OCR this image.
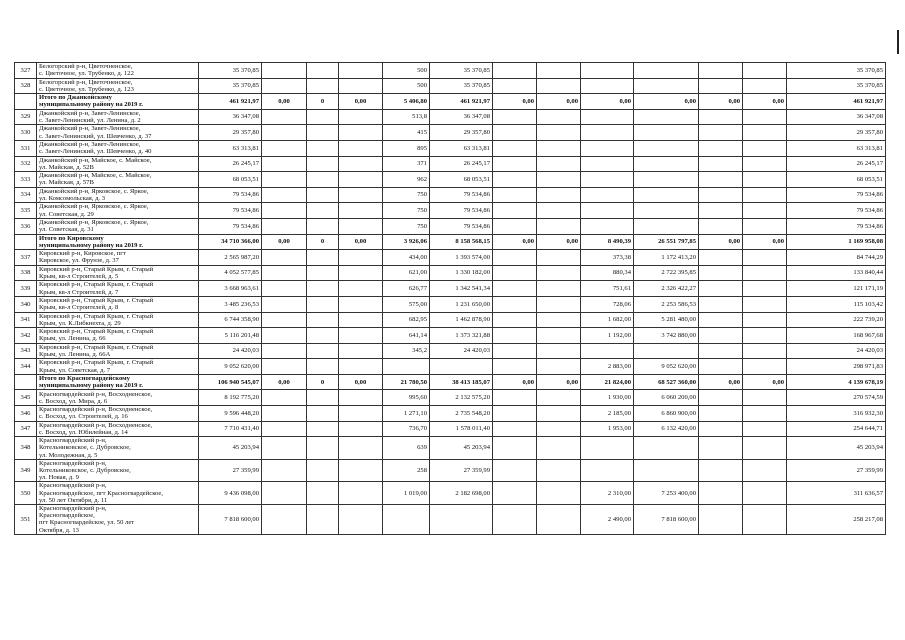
327	Белогорский р-н, Цветочненское,
с. Цветочное, ул. Трубенко, д. 122	35 370,85				500	35 370,85							35 370,85
328	Белогорский р-н, Цветочненское,
с. Цветочное, ул. Трубенко, д. 123	35 370,85				500	35 370,85							35 370,85

	Итого по Джанкойскому
муниципальному району на 2019 г.	461 921,97	0,00	0	0,00	5 406,80	461 921,97	0,00	0,00	0,00	0,00	0,00	0,00	461 921,97
329	Джанкойский р-н, Завет-Ленинское,
с. Завет-Ленинский, ул. Ленина, д. 2	36 347,08				513,8	36 347,08							36 347,08
330	Джанкойский р-н, Завет-Ленинское,
с. Завет-Ленинский, ул. Шевченко, д. 37	29 357,80				415	29 357,80							29 357,80
331	Джанкойский р-н, Завет-Ленинское,
с. Завет-Ленинский, ул. Шевченко, д. 40	63 313,81				895	63 313,81							63 313,81
332	Джанкойский р-н, Майское, с. Майское,
ул. Майская, д. 52В	26 245,17				371	26 245,17							26 245,17
333	Джанкойский р-н, Майское, с. Майское,
ул. Майская, д. 57В	68 053,51				962	68 053,51							68 053,51
334	Джанкойский р-н, Ярковское, с. Яркое,
ул. Комсомольская, д. 3	79 534,86				750	79 534,86							79 534,86
335	Джанкойский р-н, Ярковское, с. Яркое,
ул. Советская, д. 29	79 534,86				750	79 534,86							79 534,86
336	Джанкойский р-н, Ярковское, с. Яркое,
ул. Советская, д. 31	79 534,86				750	79 534,86							79 534,86

	Итого по Кировскому
муниципальному району на 2019 г.	34 710 366,00	0,00	0	0,00	3 926,06	8 158 568,15	0,00	0,00	8 490,39	26 551 797,85	0,00	0,00	1 169 958,08
337	Кировский р-н, Кировское, пгт
Кировское, ул. Фрунзе, д. 37	2 565 987,20				434,00	1 393 574,00			373,38	1 172 413,20			84 744,29
338	Кировский р-н, Старый Крым, г. Старый
Крым, кв-л Строителей, д. 5	4 052 577,85				621,00	1 330 182,00			880,34	2 722 395,85			133 840,44
339	Кировский р-н, Старый Крым, г. Старый
Крым, кв-л Строителей, д. 7	3 668 963,61				626,77	1 342 541,34			751,61	2 326 422,27			121 171,19
340	Кировский р-н, Старый Крым, г. Старый
Крым, кв-л Строителей, д. 8	3 485 236,53				575,00	1 231 650,00			728,06	2 253 586,53			115 103,42
341	Кировский р-н, Старый Крым, г. Старый
Крым, ул. К.Либкнехта, д. 29	6 744 358,90				682,95	1 462 878,90			1 682,00	5 281 480,00			222 739,20
342	Кировский р-н, Старый Крым, г. Старый
Крым, ул. Ленина, д. 66	5 116 201,48				641,14	1 373 321,88			1 192,00	3 742 880,00			168 967,68
343	Кировский р-н, Старый Крым, г. Старый
Крым, ул. Ленина, д. 66А	24 420,03				345,2	24 420,03							24 420,03
344	Кировский р-н, Старый Крым, г. Старый
Крым, ул. Советская, д. 7	9 052 620,00								2 883,00	9 052 620,00			298 971,83

	Итого по Красногвардейскому
муниципальному району на 2019 г.	106 940 545,07	0,00	0	0,00	21 780,50	38 413 185,07	0,00	0,00	21 824,00	68 527 360,00	0,00	0,00	4 139 678,19
345	Красногвардейский р-н, Восходненское,
с. Восход, ул. Мира, д. 6	8 192 775,20				995,60	2 132 575,20			1 930,00	6 060 200,00			270 574,59
346	Красногвардейский р-н, Восходненское,
с. Восход, ул. Строителей, д. 16	9 596 448,20				1 271,10	2 735 548,20			2 185,00	6 860 900,00			316 932,30
347	Красногвардейский р-н, Восходненское,
с. Восход, ул. Юбилейная, д. 14	7 710 431,40				736,70	1 578 011,40			1 953,00	6 132 420,00			254 644,71
348	Красногвардейский р-н,
Котельниковское, с. Дубровское,
ул. Молодежная, д. 5	45 203,94				639	45 203,94							45 203,94
349	Красногвардейский р-н,
Котельниковское, с. Дубровское,
ул. Новая, д. 9	27 359,99				258	27 359,99							27 359,99
350	Красногвардейский р-н,
Красногвардейское, пгт Красногвардейское,
ул. 50 лет Октября, д. 11	9 436 098,00				1 019,00	2 182 698,00			2 310,00	7 253 400,00			311 636,57
351	Красногвардейский р-н,
Красногвардейское,
пгт Красногвардейское, ул. 50 лет
Октября, д. 13	7 818 600,00								2 490,00	7 818 600,00			258 217,08
